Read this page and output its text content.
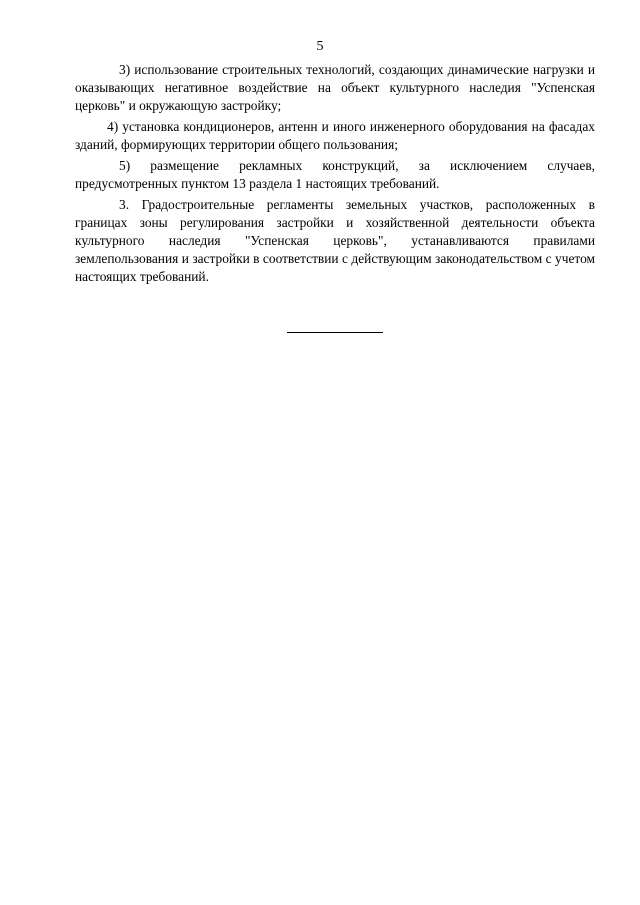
5

3) использование строительных технологий, создающих динамические нагрузки и оказывающих негативное воздействие на объект культурного наследия "Успенская церковь" и окружающую застройку;

4) установка кондиционеров, антенн и иного инженерного оборудования на фасадах зданий, формирующих территории общего пользования;

5) размещение рекламных конструкций, за исключением случаев, предусмотренных пунктом 13 раздела 1 настоящих требований.

3. Градостроительные регламенты земельных участков, расположенных в границах зоны регулирования застройки и хозяйственной деятельности объекта культурного наследия "Успенская церковь", устанавливаются правилами землепользования и застройки в соответствии с действующим законодательством с учетом настоящих требований.
